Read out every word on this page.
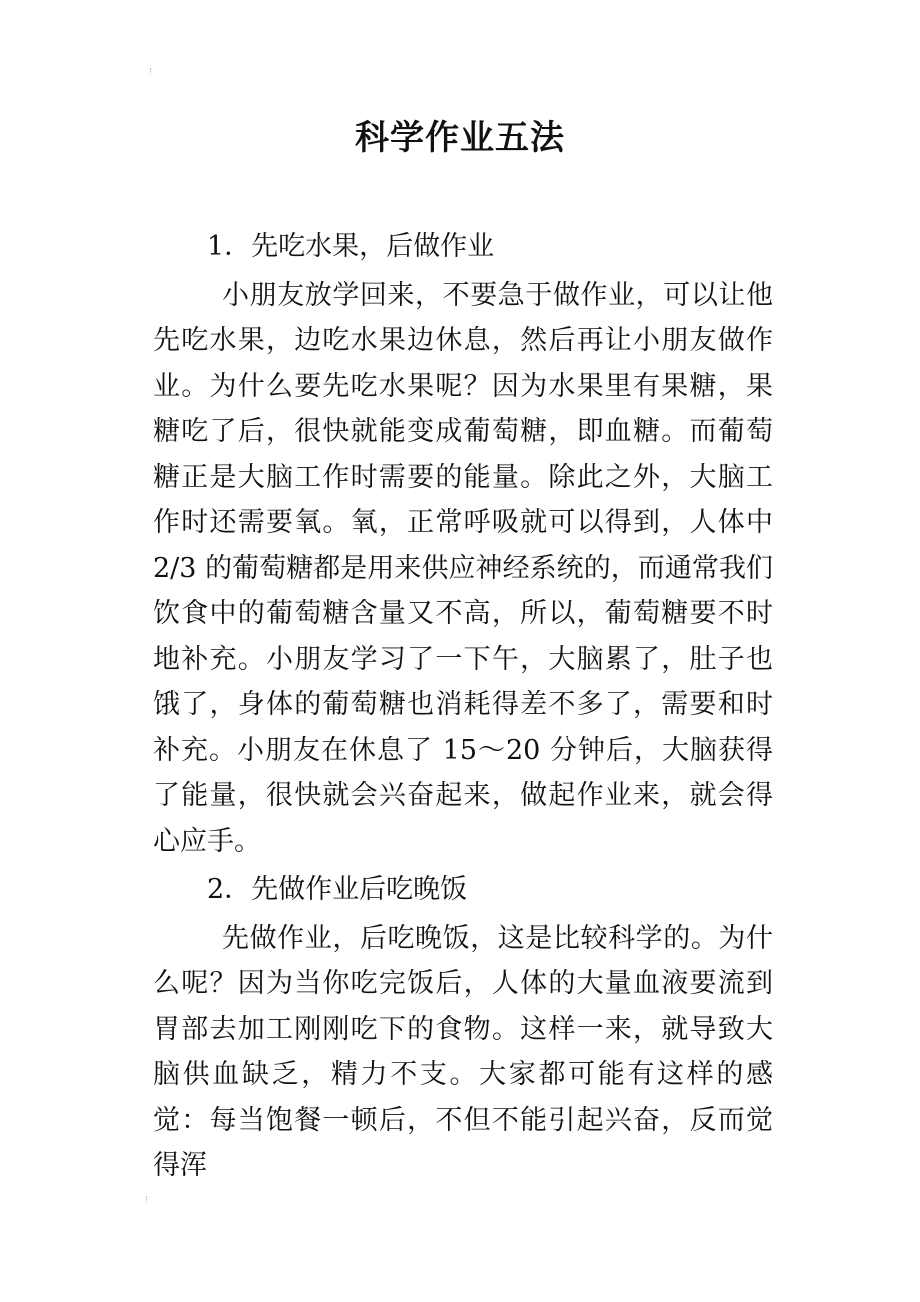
科学作业五法
1．先吃水果，后做作业
小朋友放学回来，不要急于做作业，可以让他先吃水果，边吃水果边休息，然后再让小朋友做作业。为什么要先吃水果呢？因为水果里有果糖，果糖吃了后，很快就能变成葡萄糖，即血糖。而葡萄糖正是大脑工作时需要的能量。除此之外，大脑工作时还需要氧。氧，正常呼吸就可以得到，人体中 2/3 的葡萄糖都是用来供应神经系统的，而通常我们饮食中的葡萄糖含量又不高，所以，葡萄糖要不时地补充。小朋友学习了一下午，大脑累了，肚子也饿了，身体的葡萄糖也消耗得差不多了，需要和时补充。小朋友在休息了 15～20 分钟后，大脑获得了能量，很快就会兴奋起来，做起作业来，就会得心应手。
2．先做作业后吃晚饭
先做作业，后吃晚饭，这是比较科学的。为什么呢？因为当你吃完饭后，人体的大量血液要流到胃部去加工刚刚吃下的食物。这样一来，就导致大脑供血缺乏，精力不支。大家都可能有这样的感觉：每当饱餐一顿后，不但不能引起兴奋，反而觉得浑
